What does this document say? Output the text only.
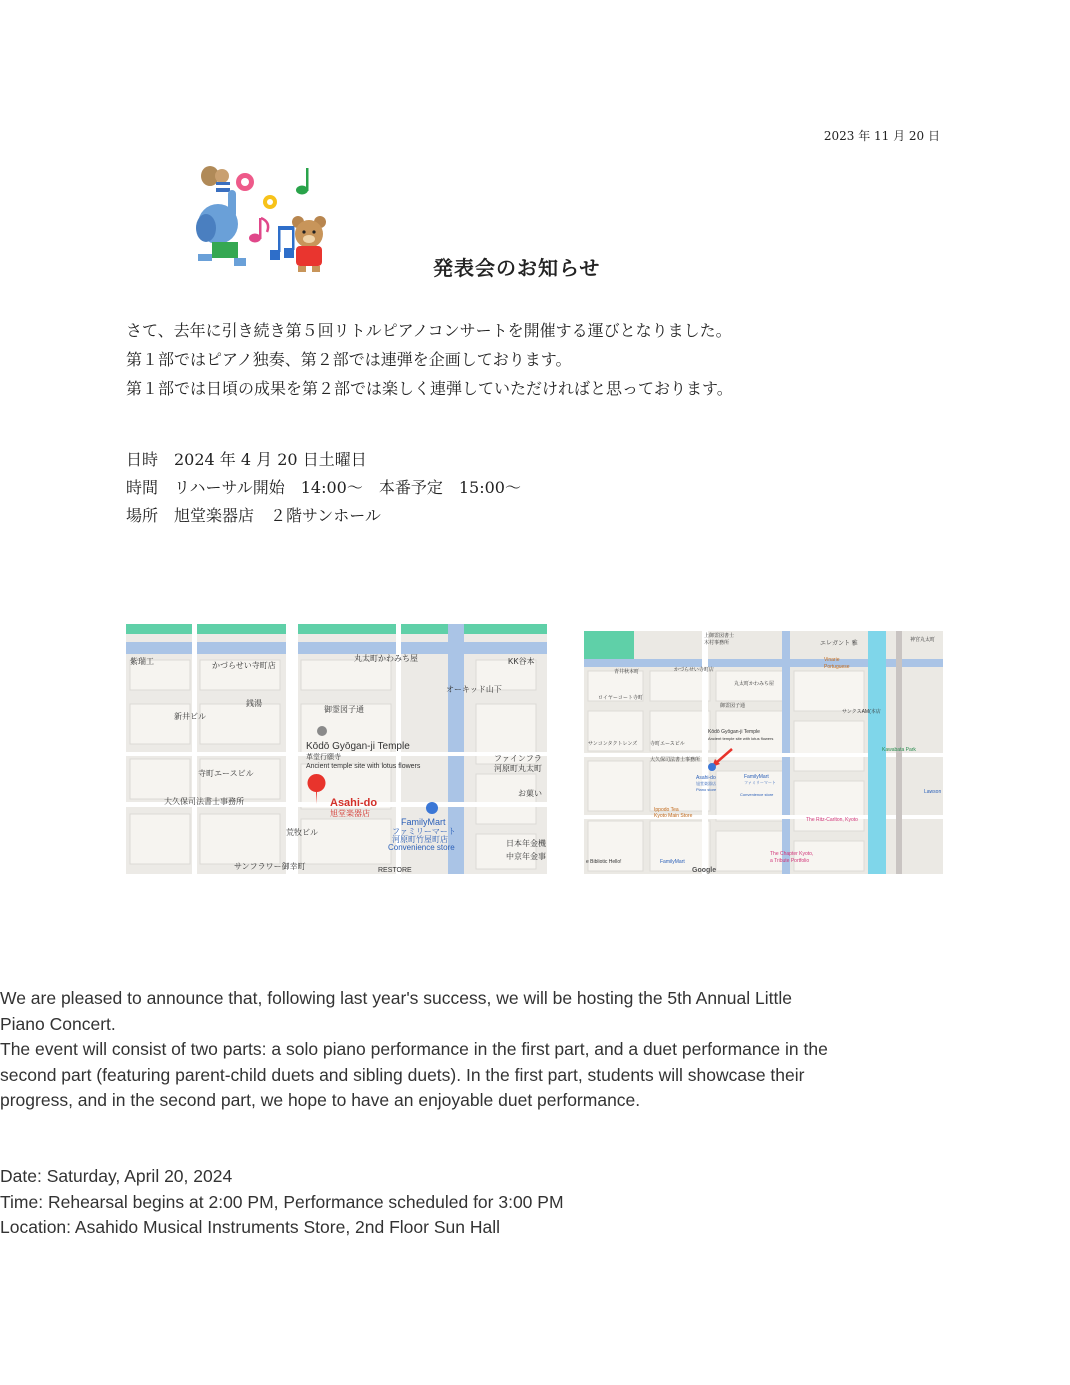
2023 年 11 月 20 日
発表会のお知らせ
さて、去年に引き続き第５回リトルピアノコンサートを開催する運びとなりました。
第１部ではピアノ独奏、第２部では連弾を企画しております。
第１部では日頃の成果を第２部では楽しく連弾していただければと思っております。
日時　2024 年 4 月 20 日土曜日
時間　リハーサル開始　14:00～　本番予定　15:00～
場所　旭堂楽器店　２階サンホール
紫瑞工	かづらせい寺町店
丸太町かわみち屋	KK谷本
オーキッド山下
銭湯
新井ビル
御霊図子通
Kōdō Gyōgan-ji Temple
革堂行願寺
Ancient temple site with lotus flowers
ファインフラ
河原町丸太町
寺町エースビル
大久保司法書士事務所
お菓い
Asahi-do
旭堂楽器店
FamilyMart
ファミリーマート
河原町竹屋町店
Convenience store
荒牧ビル
日本年金機
中京年金事
サンフラワー御幸町	RESTORE
上御霊図書士
木村事務所	エレガント 雅
神宮丸太町
青井秋本町	かづらせい寺町店
Vinarie
Portuguese
ロイヤーコート寺町
丸太町かわみち屋
御霊図子通
Kōdō Gyōgan-ji Temple
Ancient temple site with lotus flowers
サンクスAM(本店
サンコンタクトレンズ	寺町エースビル
Kawabata Park
大久保司法書士事務所
Asahi-do
旭堂楽器店
Piano store
FamilyMart
ファミリーマート
Convenience store
Ippodo Tea
Kyoto Main Store
The Ritz-Carlton, Kyoto
The Chapter Kyoto,
a Tribute Portfolio
Lawson
e Bibliotic Hello!	FamilyMart
Google
We are pleased to announce that, following last year's success, we will be hosting the 5th Annual Little Piano Concert.
The event will consist of two parts: a solo piano performance in the first part, and a duet performance in the second part (featuring parent-child duets and sibling duets). In the first part, students will showcase their progress, and in the second part, we hope to have an enjoyable duet performance.
Date: Saturday, April 20, 2024
Time: Rehearsal begins at 2:00 PM, Performance scheduled for 3:00 PM
Location: Asahido Musical Instruments Store, 2nd Floor Sun Hall
